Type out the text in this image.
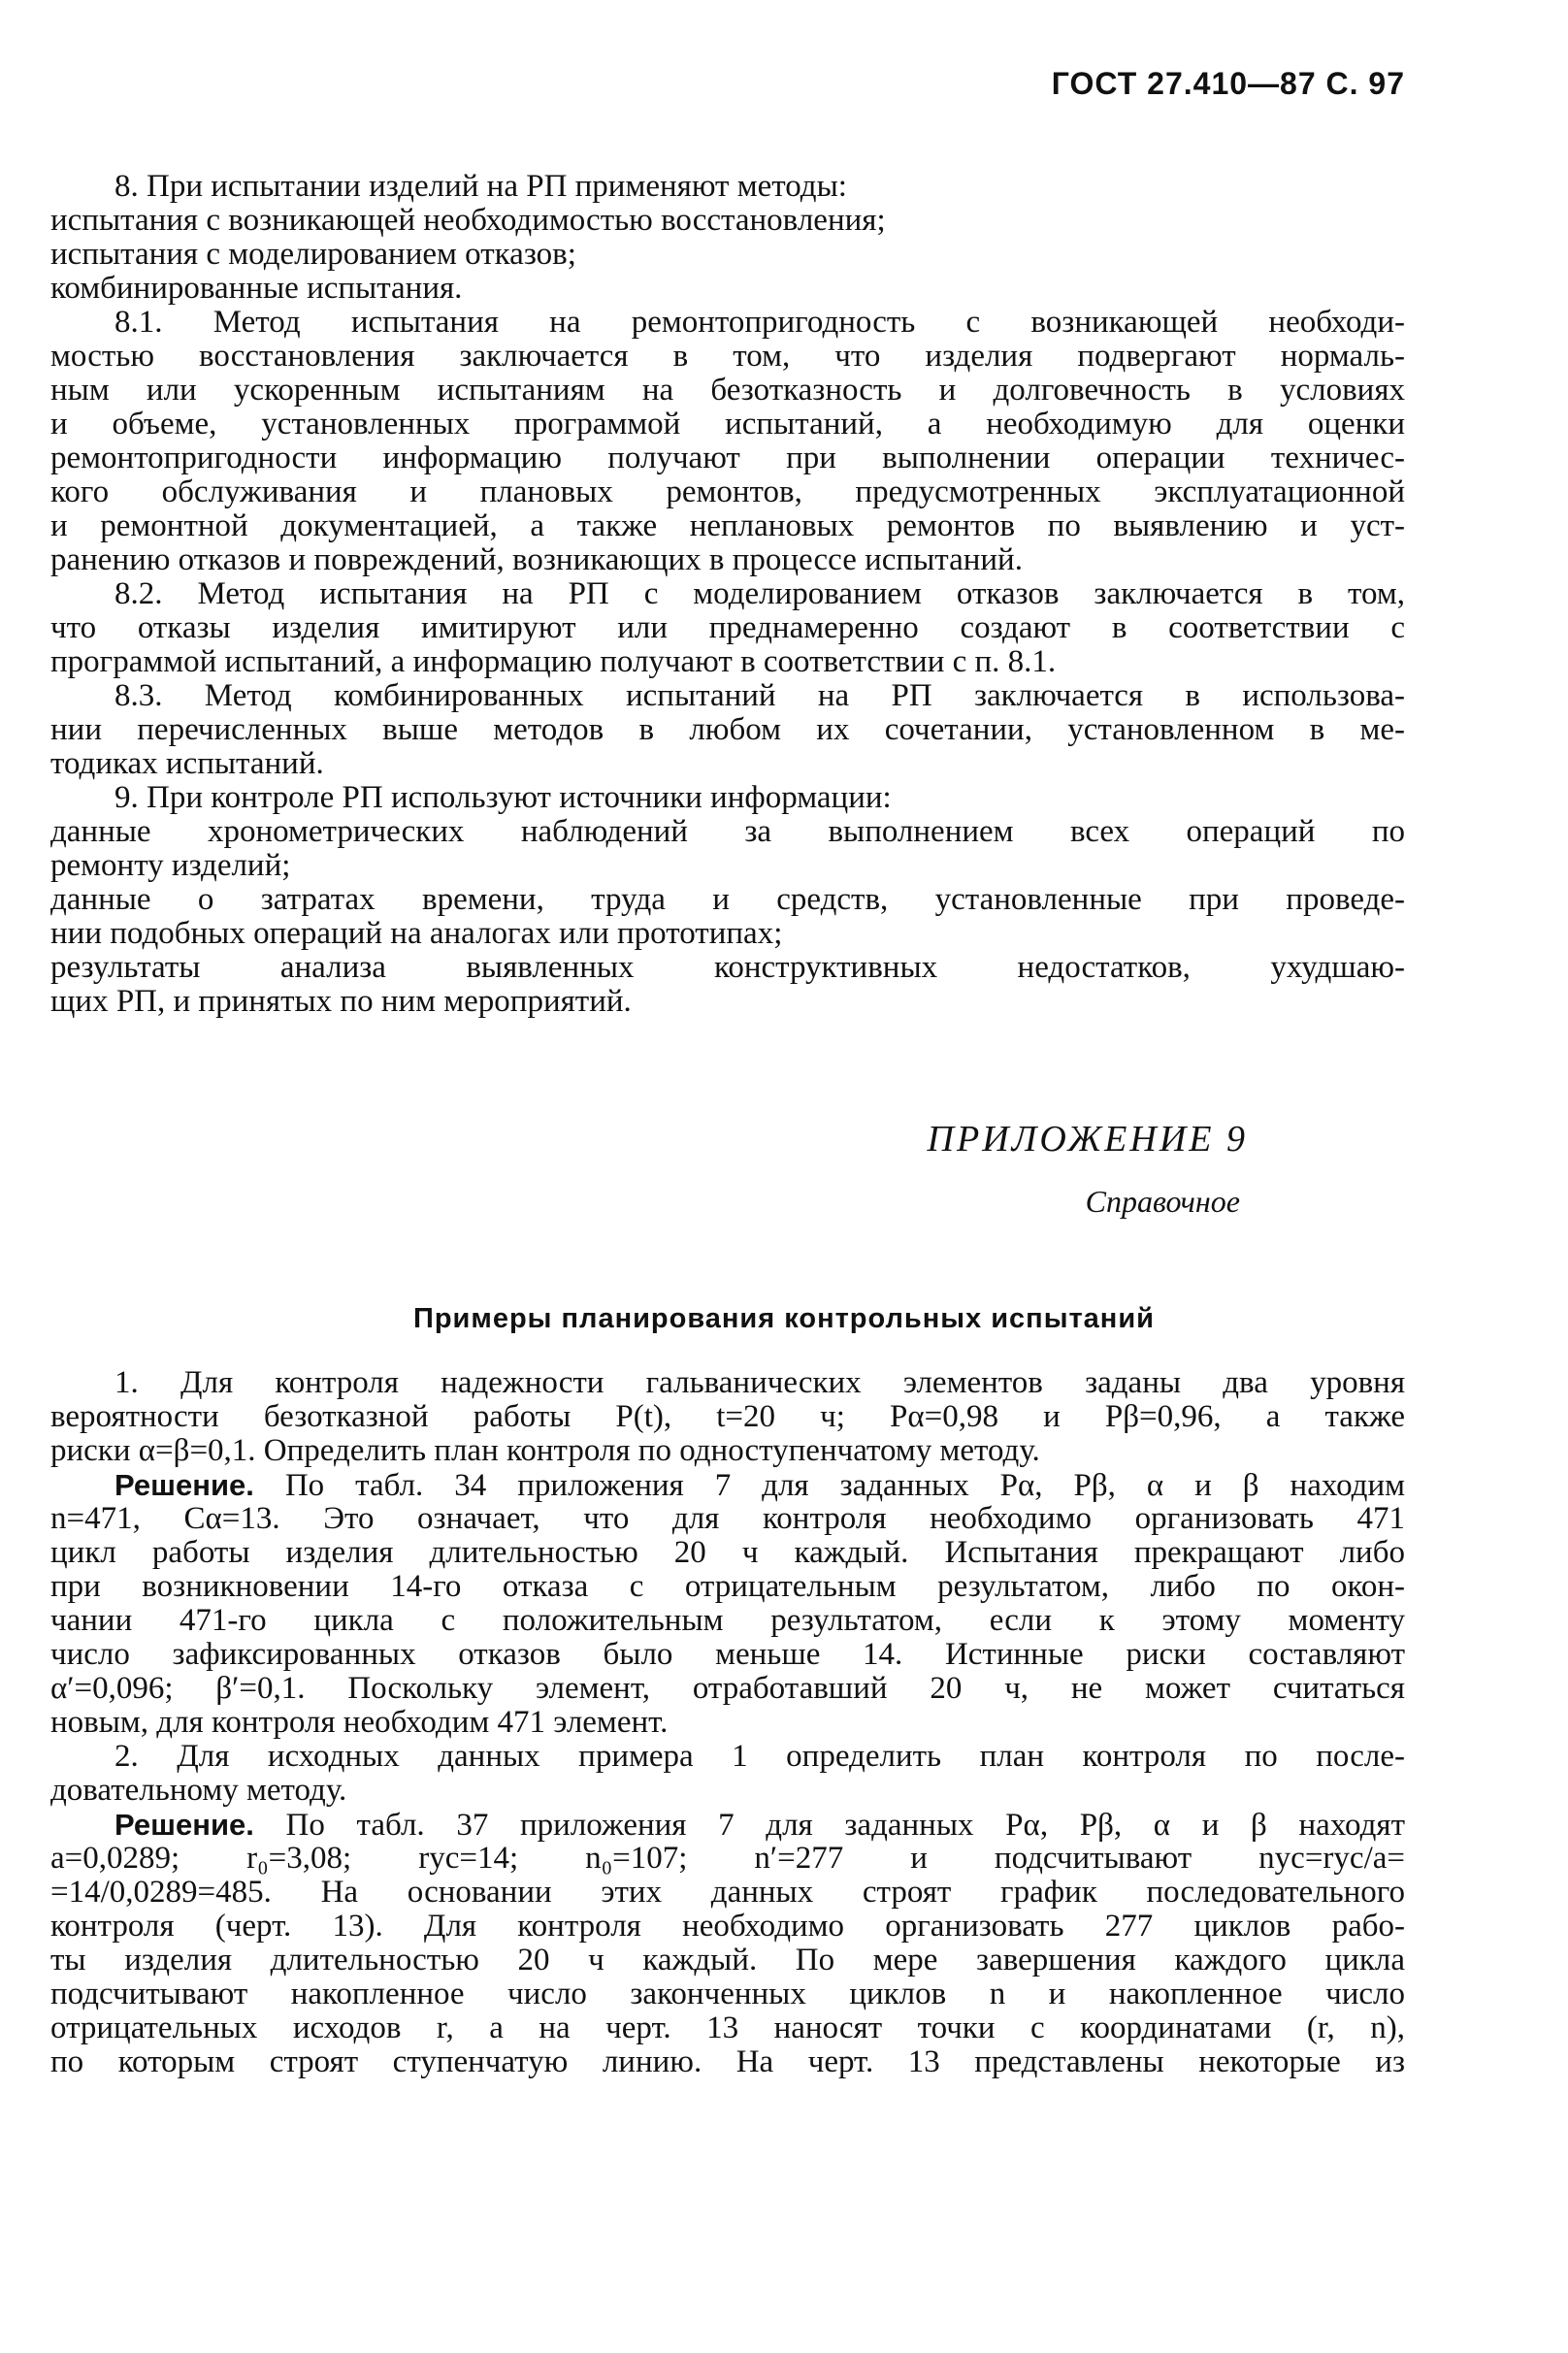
ГОСТ 27.410—87 С. 97
8. При испытании изделий на РП применяют методы:
испытания с возникающей необходимостью восстановления;
испытания с моделированием отказов;
комбинированные испытания.
8.1. Метод испытания на ремонтопригодность с возникающей необходи-
мостью восстановления заключается в том, что изделия подвергают нормаль-
ным или ускоренным испытаниям на безотказность и долговечность в условиях
и объеме, установленных программой испытаний, а необходимую для оценки
ремонтопригодности информацию получают при выполнении операции техничес-
кого обслуживания и плановых ремонтов, предусмотренных эксплуатационной
и ремонтной документацией, а также неплановых ремонтов по выявлению и уст-
ранению отказов и повреждений, возникающих в процессе испытаний.
8.2. Метод испытания на РП с моделированием отказов заключается в том,
что отказы изделия имитируют или преднамеренно создают в соответствии с
программой испытаний, а информацию получают в соответствии с п. 8.1.
8.3. Метод комбинированных испытаний на РП заключается в использова-
нии перечисленных выше методов в любом их сочетании, установленном в ме-
тодиках испытаний.
9. При контроле РП используют источники информации:
данные хронометрических наблюдений за выполнением всех операций по
ремонту изделий;
данные о затратах времени, труда и средств, установленные при проведе-
нии подобных операций на аналогах или прототипах;
результаты анализа выявленных конструктивных недостатков, ухудшаю-
щих РП, и принятых по ним мероприятий.
ПРИЛОЖЕНИЕ 9
Справочное
Примеры планирования контрольных испытаний
1. Для контроля надежности гальванических элементов заданы два уровня
вероятности безотказной работы P(t), t=20 ч; Pα=0,98 и Pβ=0,96, а также
риски α=β=0,1. Определить план контроля по одноступенчатому методу.
Решение. По табл. 34 приложения 7 для заданных Pα, Pβ, α и β находим
n=471, Cα=13. Это означает, что для контроля необходимо организовать 471
цикл работы изделия длительностью 20 ч каждый. Испытания прекращают либо
при возникновении 14-го отказа с отрицательным результатом, либо по окон-
чании 471-го цикла с положительным результатом, если к этому моменту
число зафиксированных отказов было меньше 14. Истинные риски составляют
α′=0,096; β′=0,1. Поскольку элемент, отработавший 20 ч, не может считаться
новым, для контроля необходим 471 элемент.
2. Для исходных данных примера 1 определить план контроля по после-
довательному методу.
Решение. По табл. 37 приложения 7 для заданных Pα, Pβ, α и β находят
a=0,0289; r₀=3,08; rус=14; n₀=107; n′=277 и подсчитывают nус=rус/a=
=14/0,0289=485. На основании этих данных строят график последовательного
контроля (черт. 13). Для контроля необходимо организовать 277 циклов рабо-
ты изделия длительностью 20 ч каждый. По мере завершения каждого цикла
подсчитывают накопленное число законченных циклов n и накопленное число
отрицательных исходов r, а на черт. 13 наносят точки с координатами (r, n),
по которым строят ступенчатую линию. На черт. 13 представлены некоторые из
